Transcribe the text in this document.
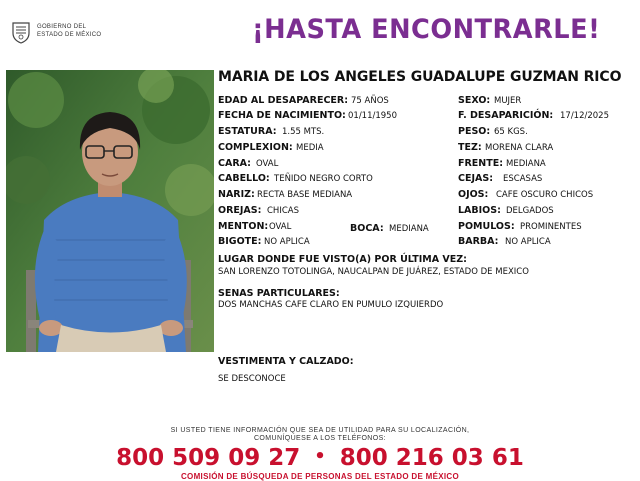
GOBIERNO DEL
ESTADO DE MÉXICO	¡HASTA ENCONTRARLE!
MARIA DE LOS ANGELES GUADALUPE GUZMAN RICO
EDAD AL DESAPARECER: 75 AÑOS
FECHA DE NACIMIENTO: 01/11/1950
ESTATURA: 1.55 MTS.
COMPLEXION: MEDIA
CARA: OVAL
CABELLO: TEÑIDO NEGRO CORTO
NARIZ: RECTA BASE MEDIANA
OREJAS: CHICAS
MENTON: OVAL	BOCA: MEDIANA
BIGOTE: NO APLICA
SEXO: MUJER
F. DESAPARICIÓN: 17/12/2025
PESO: 65 KGS.
TEZ: MORENA CLARA
FRENTE: MEDIANA
CEJAS: ESCASAS
OJOS: CAFE OSCURO CHICOS
LABIOS: DELGADOS
POMULOS: PROMINENTES
BARBA: NO APLICA
LUGAR DONDE FUE VISTO(A) POR ÚLTIMA VEZ:
SAN LORENZO TOTOLINGA, NAUCALPAN DE JUÁREZ, ESTADO DE MEXICO
SENAS PARTICULARES:
DOS MANCHAS CAFE CLARO EN PUMULO IZQUIERDO
VESTIMENTA Y CALZADO:
SE DESCONOCE
SI USTED TIENE INFORMACIÓN QUE SEA DE UTILIDAD PARA SU LOCALIZACIÓN,
COMUNÍQUESE A LOS TELÉFONOS:
800 509 09 27 • 800 216 03 61
COMISIÓN DE BÚSQUEDA DE PERSONAS DEL ESTADO DE MÉXICO
